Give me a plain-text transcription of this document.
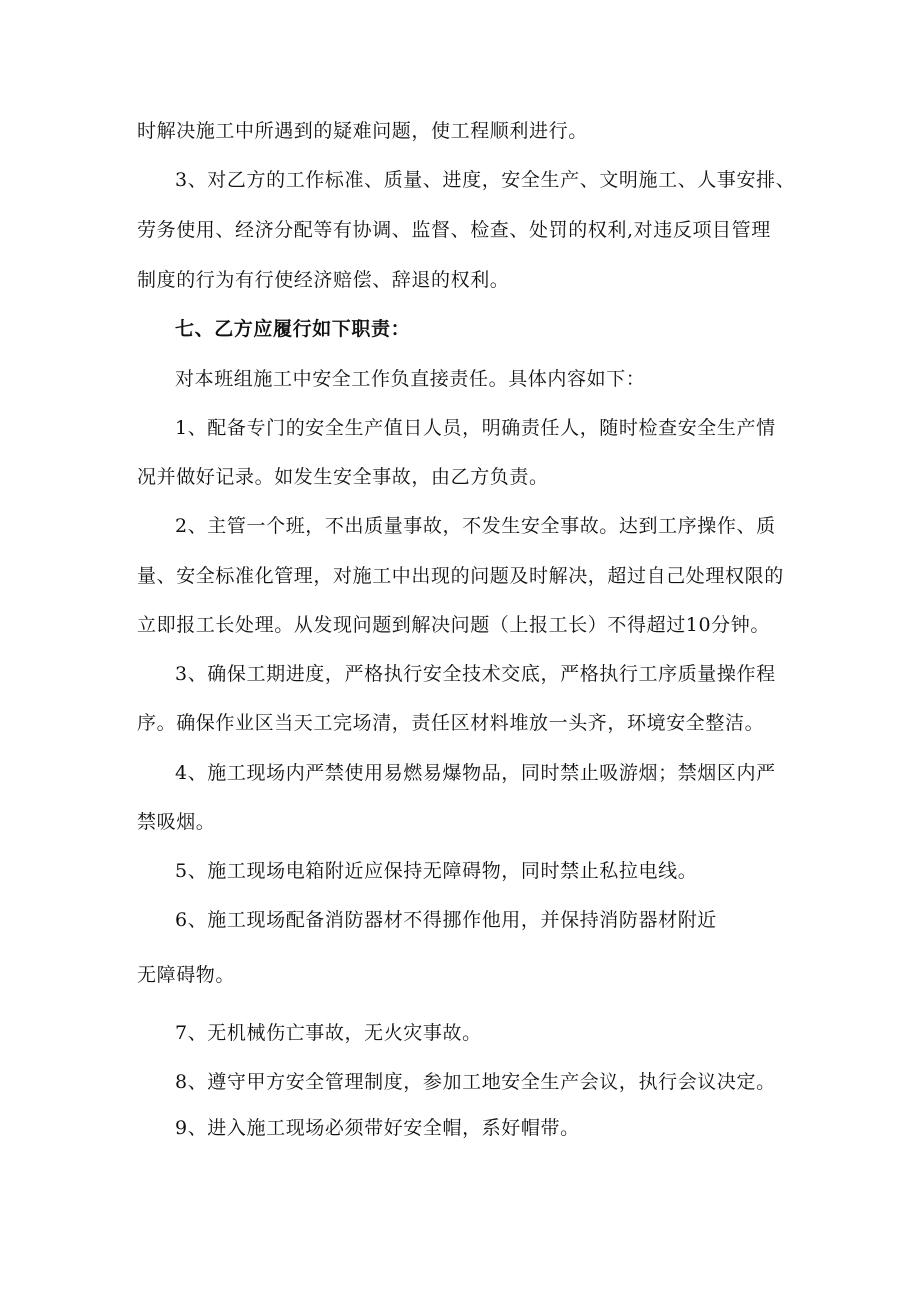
时解决施工中所遇到的疑难问题，使工程顺利进行。
3、对乙方的工作标准、质量、进度，安全生产、文明施工、人事安排、
劳务使用、经济分配等有协调、监督、检查、处罚的权利,对违反项目管理
制度的行为有行使经济赔偿、辞退的权利。
七、乙方应履行如下职责：
对本班组施工中安全工作负直接责任。具体内容如下：
1、配备专门的安全生产值日人员，明确责任人，随时检查安全生产情
况并做好记录。如发生安全事故，由乙方负责。
2、主管一个班，不出质量事故，不发生安全事故。达到工序操作、质
量、安全标准化管理，对施工中出现的问题及时解决，超过自己处理权限的
立即报工长处理。从发现问题到解决问题（上报工长）不得超过10分钟。
3、确保工期进度，严格执行安全技术交底，严格执行工序质量操作程
序。确保作业区当天工完场清，责任区材料堆放一头齐，环境安全整洁。
4、施工现场内严禁使用易燃易爆物品，同时禁止吸游烟；禁烟区内严
禁吸烟。
5、施工现场电箱附近应保持无障碍物，同时禁止私拉电线。
6、施工现场配备消防器材不得挪作他用，并保持消防器材附近
无障碍物。
7、无机械伤亡事故，无火灾事故。
8、遵守甲方安全管理制度，参加工地安全生产会议，执行会议决定。
9、进入施工现场必须带好安全帽，系好帽带。
